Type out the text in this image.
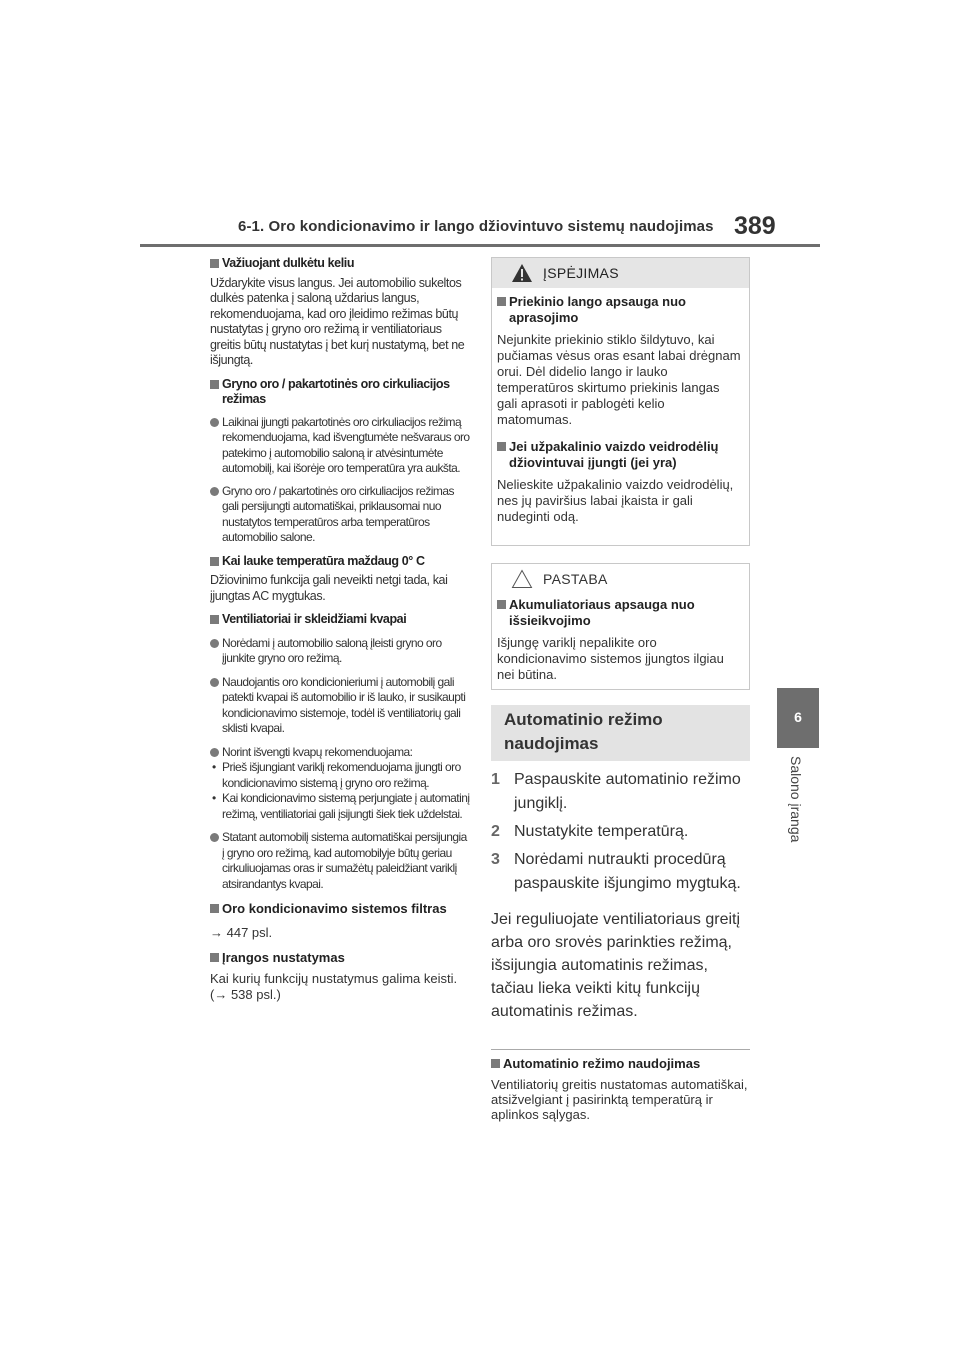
6-1. Oro kondicionavimo ir lango džiovintuvo sistemų naudojimas 389
6
Salono įranga
Važiuojant dulkėtu keliu
Uždarykite visus langus. Jei automobilio sukeltos dulkės patenka į saloną uždarius langus, rekomenduojama, kad oro įleidimo režimas būtų nustatytas į gryno oro režimą ir ventiliatoriaus greitis būtų nustatytas į bet kurį nustatymą, bet ne išjungtą.
Gryno oro / pakartotinės oro cirkuliacijos režimas
Laikinai įjungti pakartotinės oro cirkuliacijos režimą rekomenduojama, kad išvengtumėte nešvaraus oro patekimo į automobilio saloną ir atvėsintumėte automobilį, kai išorėje oro temperatūra yra aukšta.
Gryno oro / pakartotinės oro cirkuliacijos režimas gali persijungti automatiškai, priklausomai nuo nustatytos temperatūros arba temperatūros automobilio salone.
Kai lauke temperatūra maždaug 0° C
Džiovinimo funkcija gali neveikti netgi tada, kai įjungtas AC mygtukas.
Ventiliatoriai ir skleidžiami kvapai
Norėdami į automobilio saloną įleisti gryno oro įjunkite gryno oro režimą.
Naudojantis oro kondicionieriumi į automobilį gali patekti kvapai iš automobilio ir iš lauko, ir susikaupti kondicionavimo sistemoje, todėl iš ventiliatorių gali sklisti kvapai.
Norint išvengti kvapų rekomenduojama:
• Prieš išjungiant variklį rekomenduojama įjungti oro kondicionavimo sistemą į gryno oro režimą.
• Kai kondicionavimo sistemą perjungiate į automatinį režimą, ventiliatoriai gali įsijungti šiek tiek uždelstai.
Statant automobilį sistema automatiškai persijungia į gryno oro režimą, kad automobilyje būtų geriau cirkuliuojamas oras ir sumažėtų paleidžiant variklį atsirandantys kvapai.
Oro kondicionavimo sistemos filtras
→ 447 psl.
Įrangos nustatymas
Kai kurių funkcijų nustatymus galima keisti. (→ 538 psl.)
ĮSPĖJIMAS
Priekinio lango apsauga nuo aprasojimo
Nejunkite priekinio stiklo šildytuvo, kai pučiamas vėsus oras esant labai drėgnam orui. Dėl didelio lango ir lauko temperatūros skirtumo priekinis langas gali aprasoti ir pablogėti kelio matomumas.
Jei užpakalinio vaizdo veidrodėlių džiovintuvai įjungti (jei yra)
Nelieskite užpakalinio vaizdo veidrodėlių, nes jų paviršius labai įkaista ir gali nudeginti odą.
PASTABA
Akumuliatoriaus apsauga nuo išsieikvojimo
Išjungę variklį nepalikite oro kondicionavimo sistemos įjungtos ilgiau nei būtina.
Automatinio režimo
naudojimas
1 Paspauskite automatinio režimo jungiklį.
2 Nustatykite temperatūrą.
3 Norėdami nutraukti procedūrą paspauskite išjungimo mygtuką.
Jei reguliuojate ventiliatoriaus greitį arba oro srovės parinkties režimą, išsijungia automatinis režimas, tačiau lieka veikti kitų funkcijų automatinis režimas.
Automatinio režimo naudojimas
Ventiliatorių greitis nustatomas automatiškai, atsižvelgiant į pasirinktą temperatūrą ir aplinkos sąlygas.
